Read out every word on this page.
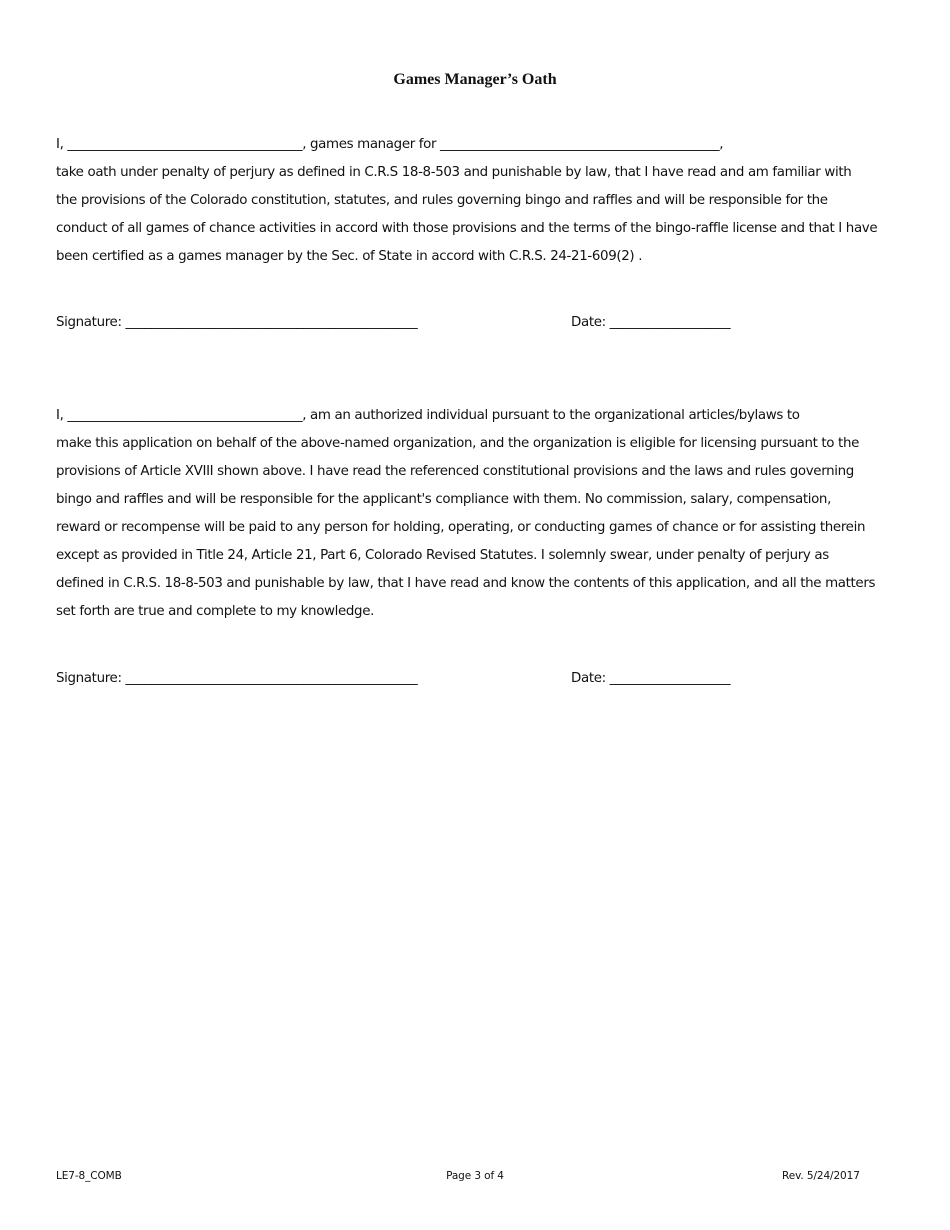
Games Manager’s Oath
I, _____________________________________, games manager for ____________________________________________,
take oath under penalty of perjury as defined in C.R.S 18-8-503 and punishable by law, that I have read and am familiar with
the provisions of the Colorado constitution, statutes, and rules governing bingo and raffles and will be responsible for the
conduct of all games of chance activities in accord with those provisions and the terms of the bingo-raffle license and that I have
been certified as a games manager by the Sec. of State in accord with C.R.S. 24-21-609(2) .
Signature: ______________________________________________	Date: ___________________
I, _____________________________________, am an authorized individual pursuant to the organizational articles/bylaws to
make this application on behalf of the above-named organization, and the organization is eligible for licensing pursuant to the
provisions of Article XVIII shown above. I have read the referenced constitutional provisions and the laws and rules governing
bingo and raffles and will be responsible for the applicant's compliance with them. No commission, salary, compensation,
reward or recompense will be paid to any person for holding, operating, or conducting games of chance or for assisting therein
except as provided in Title 24, Article 21, Part 6, Colorado Revised Statutes. I solemnly swear, under penalty of perjury as
defined in C.R.S. 18-8-503 and punishable by law, that I have read and know the contents of this application, and all the matters
set forth are true and complete to my knowledge.
Signature: ______________________________________________	Date: ___________________
LE7-8_COMB	Page 3 of 4	Rev. 5/24/2017
